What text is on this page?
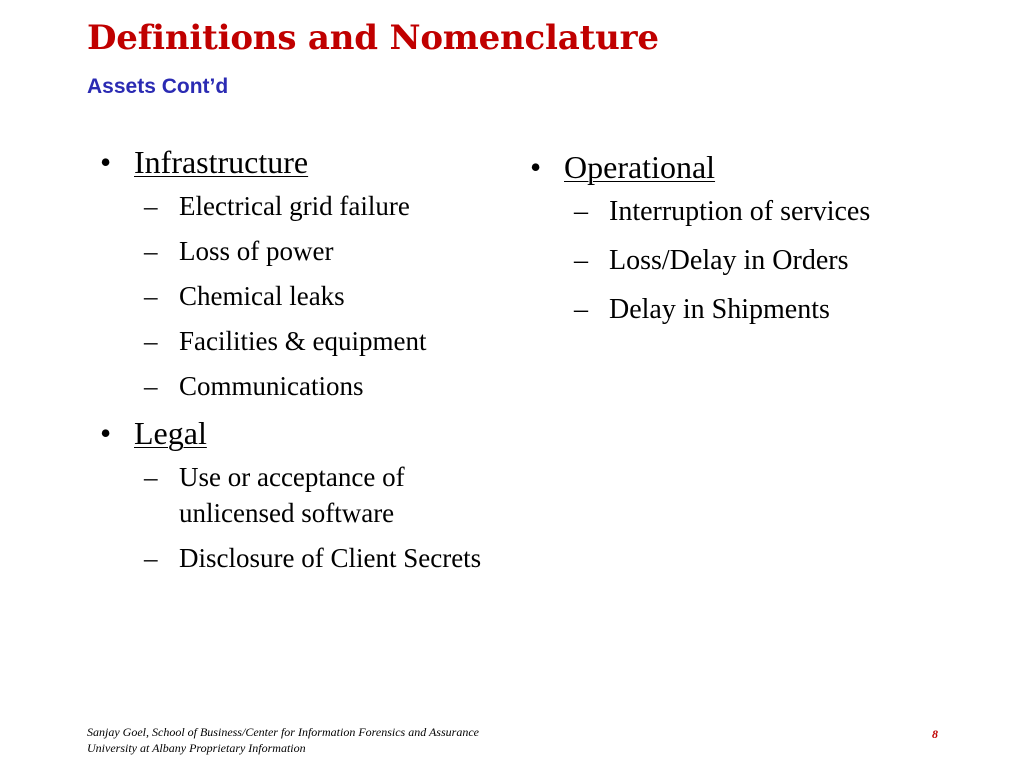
Definitions and Nomenclature
Assets Cont’d
• Infrastructure
– Electrical grid failure
– Loss of power
– Chemical leaks
– Facilities & equipment
– Communications
• Legal
– Use or acceptance of unlicensed software
– Disclosure of Client Secrets
• Operational
– Interruption of services
– Loss/Delay in Orders
– Delay in Shipments
Sanjay Goel, School of Business/Center for Information Forensics and Assurance
University at Albany Proprietary Information
8
